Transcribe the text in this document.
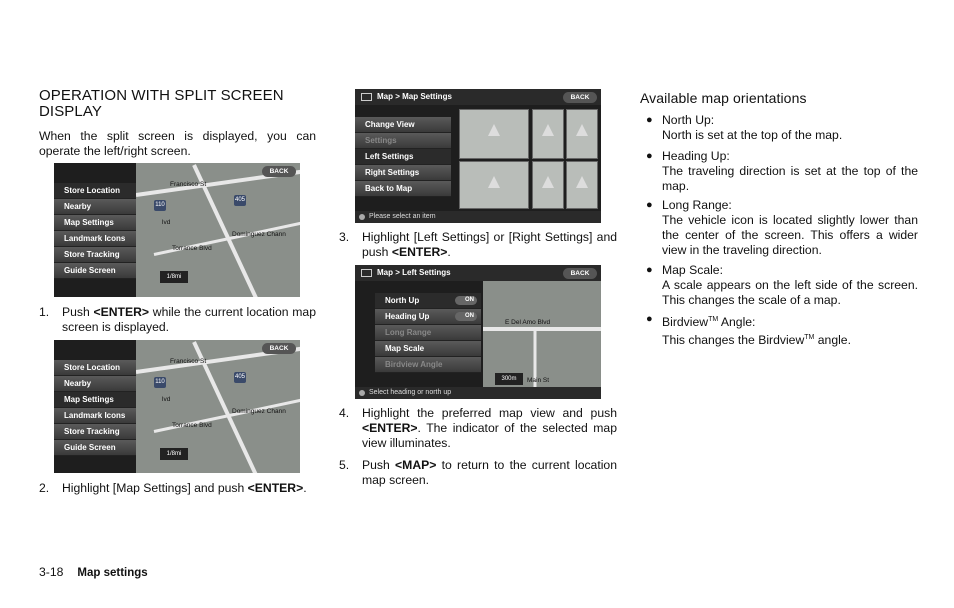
OPERATION WITH SPLIT SCREEN DISPLAY
When the split screen is displayed, you can operate the left/right screen.
Francisco St
Dominguez Chann
Torrance Blvd
lvd
110
405
1/8mi
BACK
Store Location
Nearby
Map Settings
Landmark Icons
Store Tracking
Guide Screen
1. Push <ENTER> while the current location map screen is displayed.
Francisco St
Dominguez Chann
Torrance Blvd
lvd
110
405
1/8mi
BACK
Store Location
Nearby
Map Settings
Landmark Icons
Store Tracking
Guide Screen
2. Highlight [Map Settings] and push <ENTER>.
Map > Map Settings	BACK
Change View
Settings
Left Settings
Right Settings
Back to Map
Please select an item
3. Highlight [Left Settings] or [Right Settings] and push <ENTER>.
Map > Left Settings	BACK
E Del Amo Blvd
Main St
300m
North Up	ON
Heading Up	ON
Long Range
Map Scale
Birdview Angle
Select heading or north up
4. Highlight the preferred map view and push <ENTER>. The indicator of the selected map view illuminates.
5. Push <MAP> to return to the current location map screen.
Available map orientations
● North Up:
North is set at the top of the map.
● Heading Up:
The traveling direction is set at the top of the map.
● Long Range:
The vehicle icon is located slightly lower than the center of the screen. This offers a wider view in the traveling direction.
● Map Scale:
A scale appears on the left side of the screen. This changes the scale of a map.
● Birdview™ Angle:
This changes the Birdview™ angle.
3-18 Map settings
